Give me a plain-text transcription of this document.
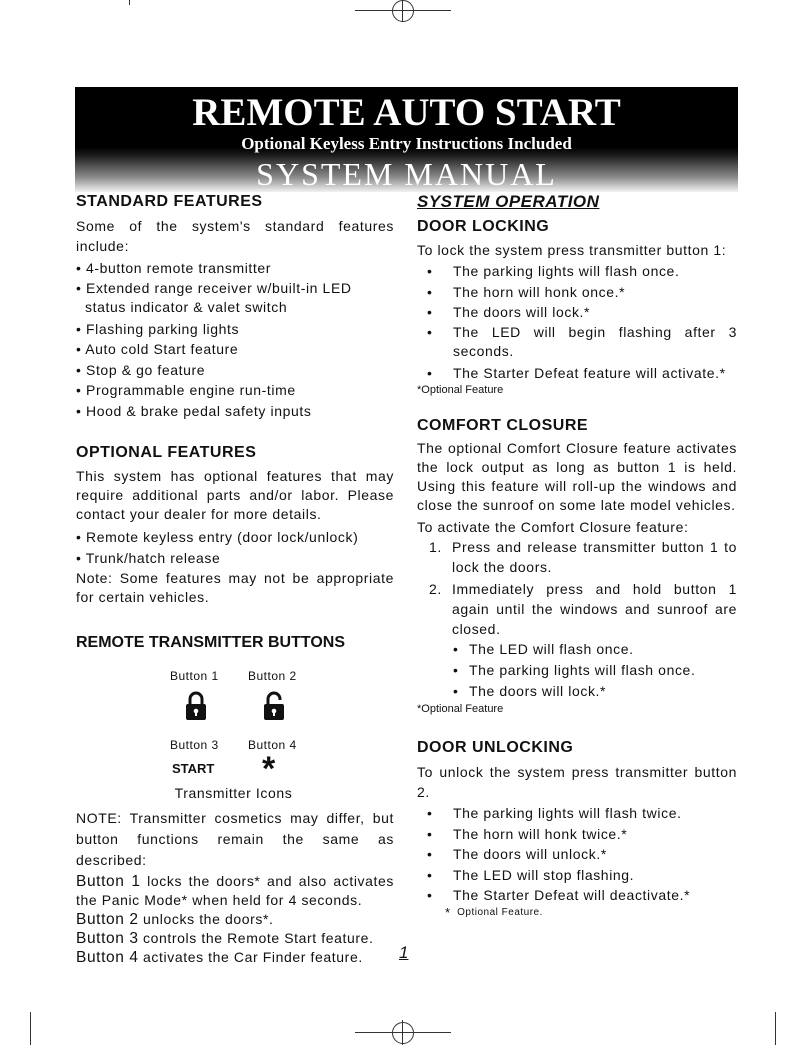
REMOTE AUTO START
Optional Keyless Entry Instructions Included
SYSTEM MANUAL
STANDARD FEATURES

Some of the system's standard features include:

• 4-button remote transmitter
• Extended range receiver w/built-in LED status indicator & valet switch
• Flashing parking lights
• Auto cold Start feature
• Stop & go feature
• Programmable engine run-time
• Hood & brake pedal safety inputs
OPTIONAL FEATURES

This system has optional features that may require additional parts and/or labor. Please contact your dealer for more details.

• Remote keyless entry (door lock/unlock)
• Trunk/hatch release

Note: Some features may not be appropriate for certain vehicles.

REMOTE TRANSMITTER BUTTONS
Button 1 Button 2
Button 3 Button 4
START *
Transmitter Icons

NOTE: Transmitter cosmetics may differ, but button functions remain the same as described:

Button 1 locks the doors* and also activates the Panic Mode* when held for 4 seconds.

Button 2 unlocks the doors*.

Button 3 controls the Remote Start feature.

Button 4 activates the Car Finder feature.

SYSTEM OPERATION
DOOR LOCKING

To lock the system press transmitter button 1:

• The parking lights will flash once.
• The horn will honk once.*
• The doors will lock.*
• The LED will begin flashing after 3 seconds.
• The Starter Defeat feature will activate.*

*Optional Feature

COMFORT CLOSURE

The optional Comfort Closure feature activates the lock output as long as button 1 is held. Using this feature will roll-up the windows and close the sunroof on some late model vehicles.

To activate the Comfort Closure feature:

1. Press and release transmitter button 1 to lock the doors.
2. Immediately press and hold button 1 again until the windows and sunroof are closed.
• The LED will flash once.
• The parking lights will flash once.
• The doors will lock.*

*Optional Feature

DOOR UNLOCKING

To unlock the system press transmitter button 2.

• The parking lights will flash twice.
• The horn will honk twice.*
• The doors will unlock.*
• The LED will stop flashing.
• The Starter Defeat will deactivate.*

* Optional Feature.

1
